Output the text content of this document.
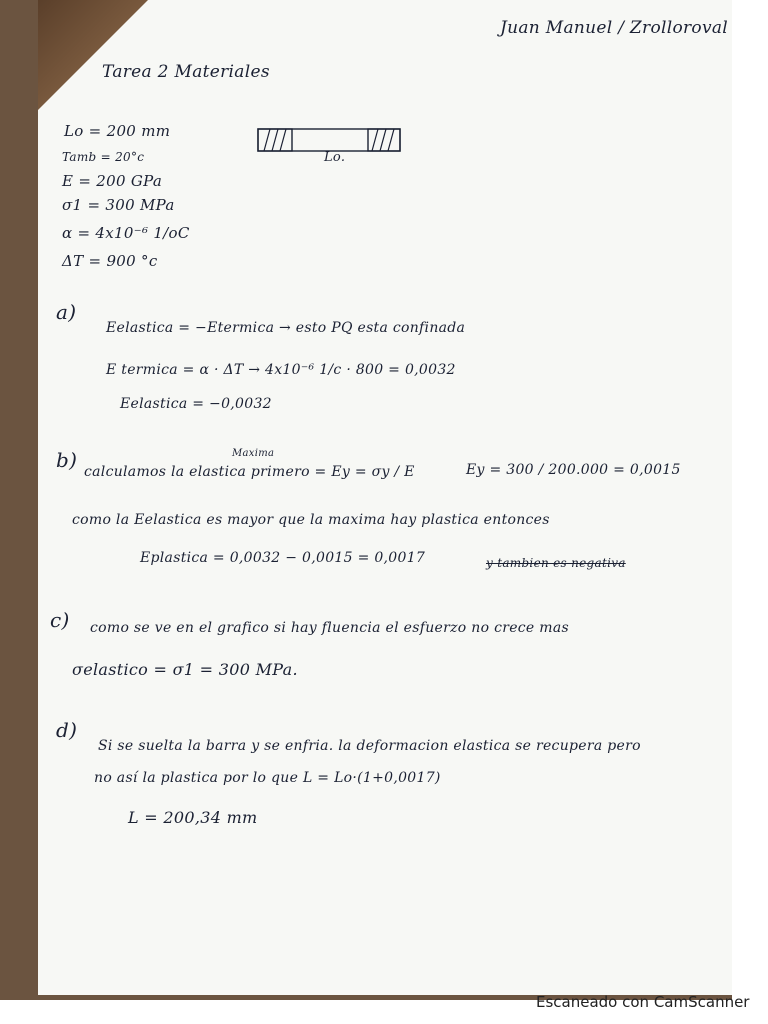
Juan Manuel / Zrolloroval
Tarea 2 Materiales
Lo = 200 mm
Tamb = 20°c
E = 200 GPa
σ1 = 300 MPa
α = 4x10⁻⁶ 1/oC
ΔT = 900 °c
Lo.
a)
Eelastica = −Etermica → esto PQ esta confinada
E termica = α · ΔT → 4x10⁻⁶ 1/c · 800 = 0,0032
Eelastica = −0,0032
b)	Maxima
calculamos la elastica primero = Ey = σy / E	Ey = 300 / 200.000 = 0,0015
como la Eelastica es mayor que la maxima hay plastica entonces
Eplastica = 0,0032 − 0,0015 = 0,0017	y tambien es negativa
c) como se ve en el grafico si hay fluencia el esfuerzo no crece mas
σelastico = σ1 = 300 MPa.
d)
Si se suelta la barra y se enfria. la deformacion elastica se recupera pero
no así la plastica por lo que L = Lo·(1+0,0017)
L = 200,34 mm
Escaneado con CamScanner
